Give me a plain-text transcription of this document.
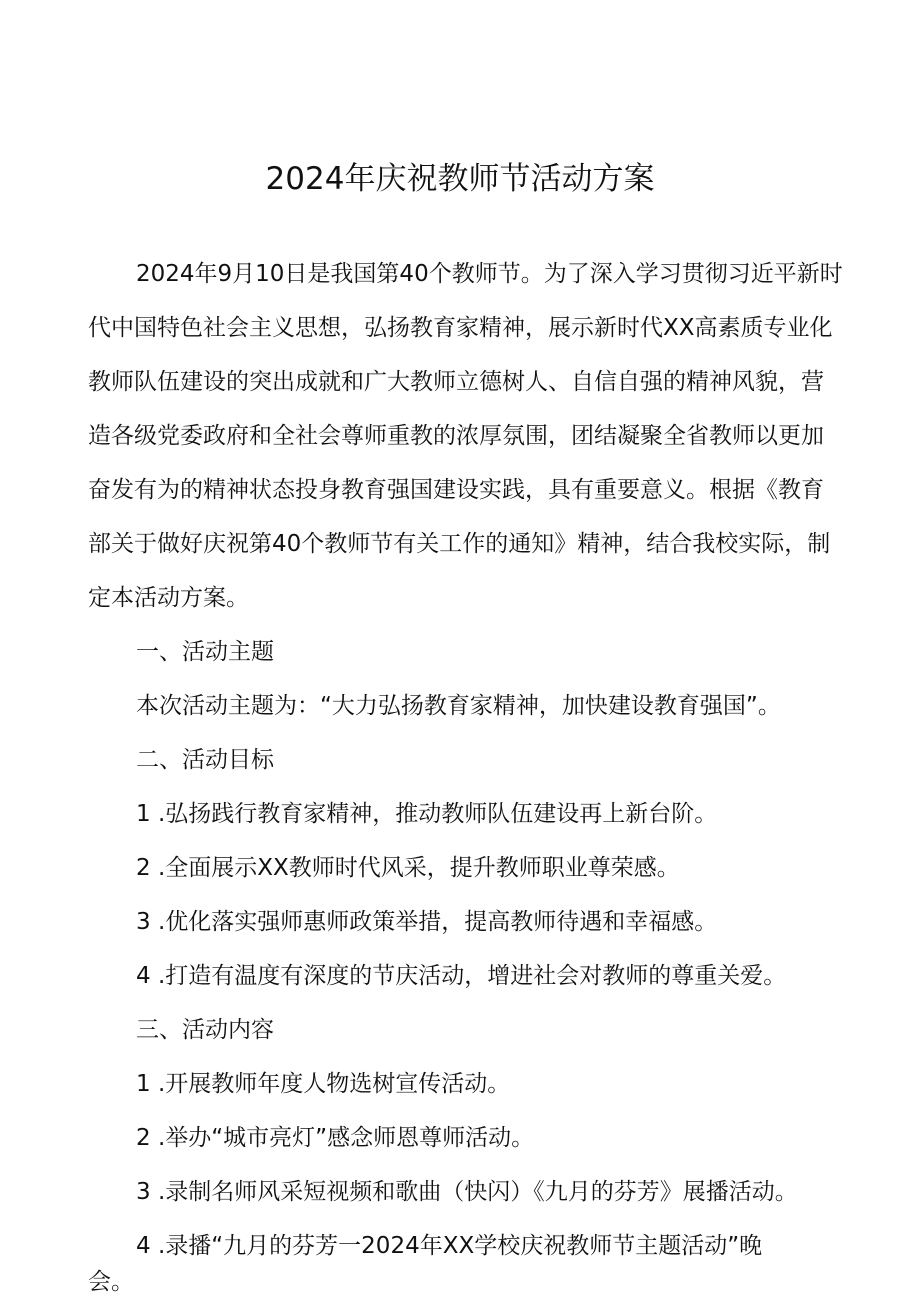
2024年庆祝教师节活动方案
2024年9月10日是我国第40个教师节。为了深入学习贯彻习近平新时
代中国特色社会主义思想，弘扬教育家精神，展示新时代XX高素质专业化
教师队伍建设的突出成就和广大教师立德树人、自信自强的精神风貌，营
造各级党委政府和全社会尊师重教的浓厚氛围，团结凝聚全省教师以更加
奋发有为的精神状态投身教育强国建设实践，具有重要意义。根据《教育
部关于做好庆祝第40个教师节有关工作的通知》精神，结合我校实际，制
定本活动方案。
一、活动主题
本次活动主题为：“大力弘扬教育家精神，加快建设教育强国”。
二、活动目标
1 .弘扬践行教育家精神，推动教师队伍建设再上新台阶。
2 .全面展示XX教师时代风采，提升教师职业尊荣感。
3 .优化落实强师惠师政策举措，提高教师待遇和幸福感。
4 .打造有温度有深度的节庆活动，增进社会对教师的尊重关爱。
三、活动内容
1 .开展教师年度人物选树宣传活动。
2 .举办“城市亮灯”感念师恩尊师活动。
3 .录制名师风采短视频和歌曲（快闪）《九月的芬芳》展播活动。
4 .录播“九月的芬芳一2024年XX学校庆祝教师节主题活动”晚
会。
